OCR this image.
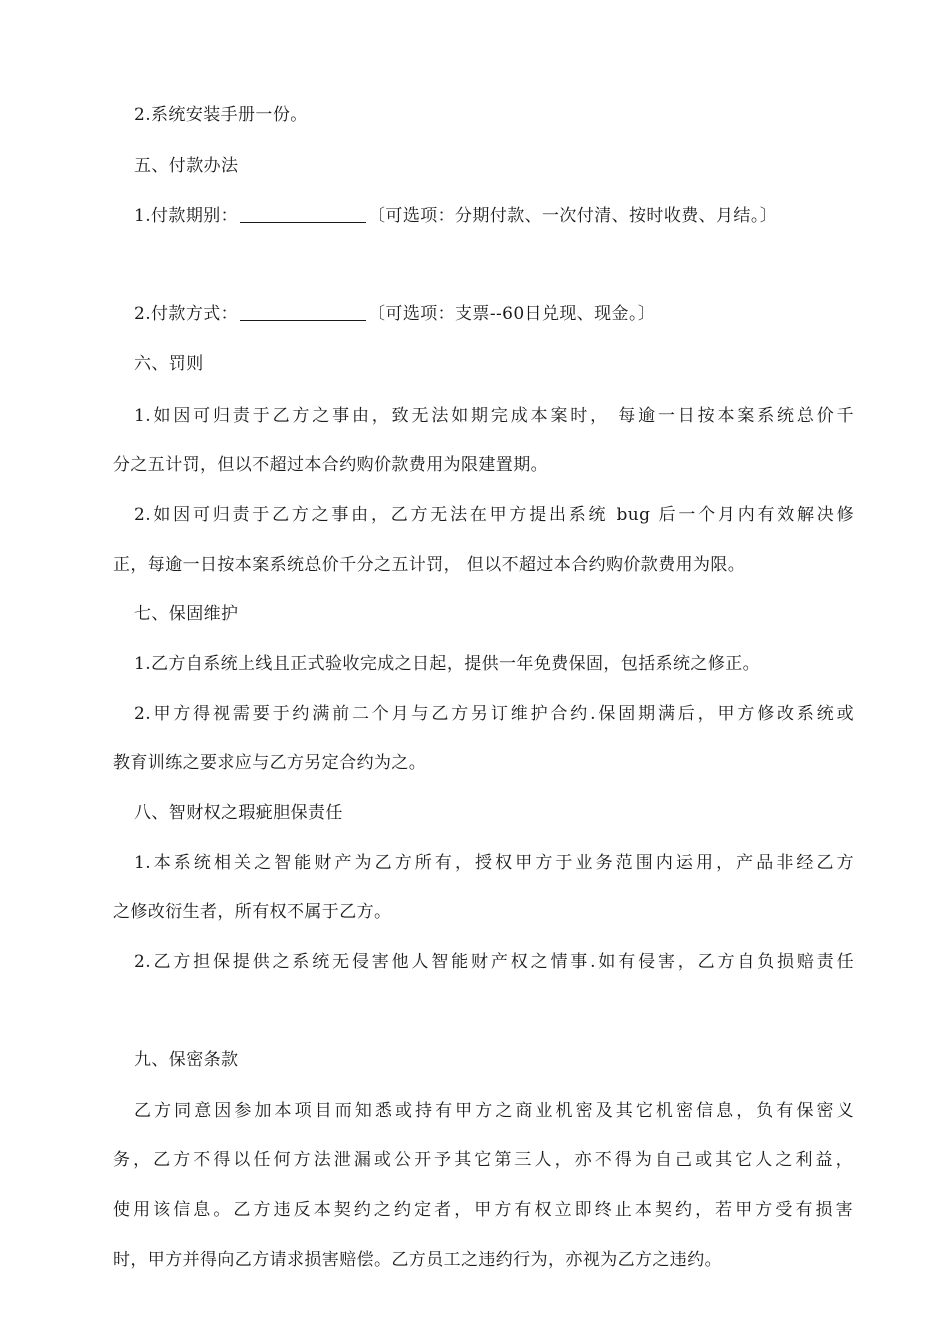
2.系统安装手册一份。
五、付款办法
1.付款期别：	〔可选项：分期付款、一次付清、按时收费、月结。〕
2.付款方式：	〔可选项：支票--60日兑现、现金。〕
六、罚则
1.如因可归责于乙方之事由，致无法如期完成本案时， 每逾一日按本案系统总价千
分之五计罚，但以不超过本合约购价款费用为限建置期。
2.如因可归责于乙方之事由，乙方无法在甲方提出系统 bug 后一个月内有效解决修
正，每逾一日按本案系统总价千分之五计罚， 但以不超过本合约购价款费用为限。
七、保固维护
1.乙方自系统上线且正式验收完成之日起，提供一年免费保固，包括系统之修正。
2.甲方得视需要于约满前二个月与乙方另订维护合约.保固期满后，甲方修改系统或
教育训练之要求应与乙方另定合约为之。
八、智财权之瑕疵胆保责任
1.本系统相关之智能财产为乙方所有，授权甲方于业务范围内运用，产品非经乙方
之修改衍生者，所有权不属于乙方。
2.乙方担保提供之系统无侵害他人智能财产权之情事.如有侵害，乙方自负损赔责任
九、保密条款
乙方同意因参加本项目而知悉或持有甲方之商业机密及其它机密信息，负有保密义
务，乙方不得以任何方法泄漏或公开予其它第三人，亦不得为自己或其它人之利益，
使用该信息。乙方违反本契约之约定者，甲方有权立即终止本契约，若甲方受有损害
时，甲方并得向乙方请求损害赔偿。乙方员工之违约行为，亦视为乙方之违约。
